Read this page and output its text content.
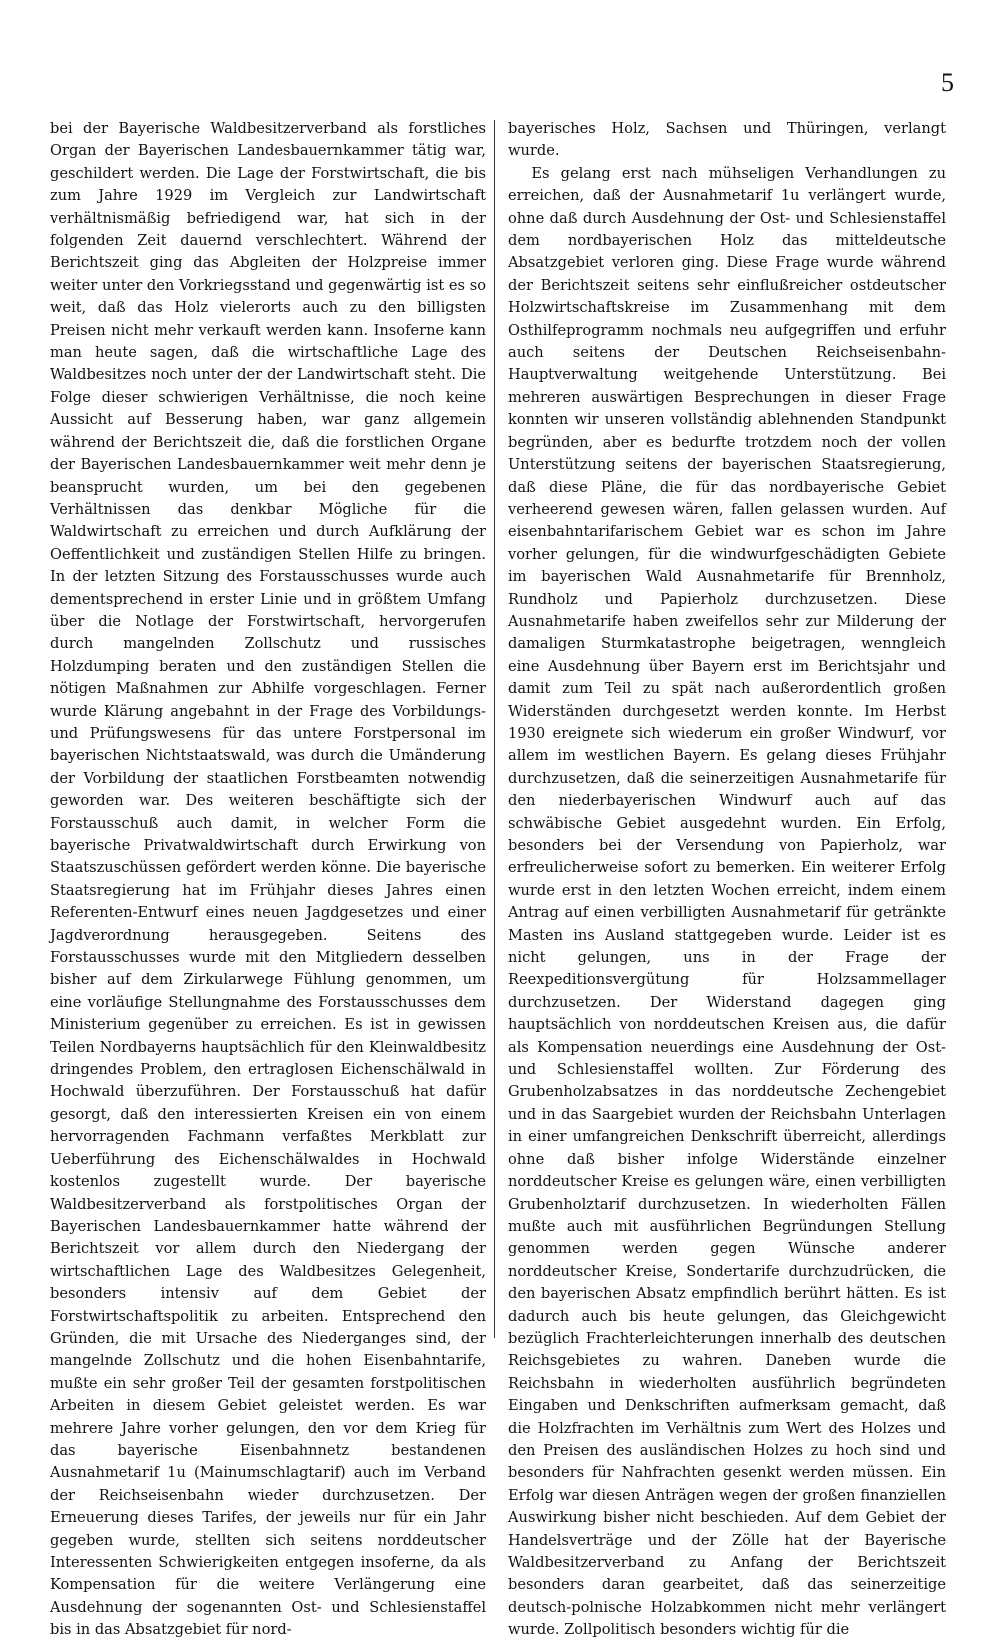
5

bei der Bayerische Waldbesitzerverband als forstliches Organ der Bayerischen Landesbauernkammer tätig war, geschildert werden. Die Lage der Forstwirtschaft, die bis zum Jahre 1929 im Vergleich zur Landwirtschaft verhältnismäßig befriedigend war, hat sich in der folgenden Zeit dauernd verschlechtert. Während der Berichtszeit ging das Abgleiten der Holzpreise immer weiter unter den Vorkriegsstand und gegenwärtig ist es so weit, daß das Holz vielerorts auch zu den billigsten Preisen nicht mehr verkauft werden kann. Insoferne kann man heute sagen, daß die wirtschaftliche Lage des Waldbesitzes noch unter der der Landwirtschaft steht. Die Folge dieser schwierigen Verhältnisse, die noch keine Aussicht auf Besserung haben, war ganz allgemein während der Berichtszeit die, daß die forstlichen Organe der Bayerischen Landesbauernkammer weit mehr denn je beansprucht wurden, um bei den gegebenen Verhältnissen das denkbar Mögliche für die Waldwirtschaft zu erreichen und durch Aufklärung der Oeffentlichkeit und zuständigen Stellen Hilfe zu bringen. In der letzten Sitzung des Forstausschusses wurde auch dementsprechend in erster Linie und in größtem Umfang über die Notlage der Forstwirtschaft, hervorgerufen durch mangelnden Zollschutz und russisches Holzdumping beraten und den zuständigen Stellen die nötigen Maßnahmen zur Abhilfe vorgeschlagen. Ferner wurde Klärung angebahnt in der Frage des Vorbildungs- und Prüfungswesens für das untere Forstpersonal im bayerischen Nichtstaatswald, was durch die Umänderung der Vorbildung der staatlichen Forstbeamten notwendig geworden war. Des weiteren beschäftigte sich der Forstausschuß auch damit, in welcher Form die bayerische Privatwaldwirtschaft durch Erwirkung von Staatszuschüssen gefördert werden könne. Die bayerische Staatsregierung hat im Frühjahr dieses Jahres einen Referenten-Entwurf eines neuen Jagdgesetzes und einer Jagdverordnung herausgegeben. Seitens des Forstausschusses wurde mit den Mitgliedern desselben bisher auf dem Zirkularwege Fühlung genommen, um eine vorläufige Stellungnahme des Forstausschusses dem Ministerium gegenüber zu erreichen. Es ist in gewissen Teilen Nordbayerns hauptsächlich für den Kleinwaldbesitz dringendes Problem, den ertraglosen Eichenschälwald in Hochwald überzuführen. Der Forstausschuß hat dafür gesorgt, daß den interessierten Kreisen ein von einem hervorragenden Fachmann verfaßtes Merkblatt zur Ueberführung des Eichenschälwaldes in Hochwald kostenlos zugestellt wurde. Der bayerische Waldbesitzerverband als forstpolitisches Organ der Bayerischen Landesbauernkammer hatte während der Berichtszeit vor allem durch den Niedergang der wirtschaftlichen Lage des Waldbesitzes Gelegenheit, besonders intensiv auf dem Gebiet der Forstwirtschaftspolitik zu arbeiten. Entsprechend den Gründen, die mit Ursache des Niederganges sind, der mangelnde Zollschutz und die hohen Eisenbahntarife, mußte ein sehr großer Teil der gesamten forstpolitischen Arbeiten in diesem Gebiet geleistet werden. Es war mehrere Jahre vorher gelungen, den vor dem Krieg für das bayerische Eisenbahnnetz bestandenen Ausnahmetarif 1u (Mainumschlagtarif) auch im Verband der Reichseisenbahn wieder durchzusetzen. Der Erneuerung dieses Tarifes, der jeweils nur für ein Jahr gegeben wurde, stellten sich seitens norddeutscher Interessenten Schwierigkeiten entgegen insoferne, da als Kompensation für die weitere Verlängerung eine Ausdehnung der sogenannten Ost- und Schlesienstaffel bis in das Absatzgebiet für nord-

bayerisches Holz, Sachsen und Thüringen, verlangt wurde.

Es gelang erst nach mühseligen Verhandlungen zu erreichen, daß der Ausnahmetarif 1u verlängert wurde, ohne daß durch Ausdehnung der Ost- und Schlesienstaffel dem nordbayerischen Holz das mitteldeutsche Absatzgebiet verloren ging. Diese Frage wurde während der Berichtszeit seitens sehr einflußreicher ostdeutscher Holzwirtschaftskreise im Zusammenhang mit dem Osthilfeprogramm nochmals neu aufgegriffen und erfuhr auch seitens der Deutschen Reichseisenbahn-Hauptverwaltung weitgehende Unterstützung. Bei mehreren auswärtigen Besprechungen in dieser Frage konnten wir unseren vollständig ablehnenden Standpunkt begründen, aber es bedurfte trotzdem noch der vollen Unterstützung seitens der bayerischen Staatsregierung, daß diese Pläne, die für das nordbayerische Gebiet verheerend gewesen wären, fallen gelassen wurden. Auf eisenbahntarifarischem Gebiet war es schon im Jahre vorher gelungen, für die windwurfgeschädigten Gebiete im bayerischen Wald Ausnahmetarife für Brennholz, Rundholz und Papierholz durchzusetzen. Diese Ausnahmetarife haben zweifellos sehr zur Milderung der damaligen Sturmkatastrophe beigetragen, wenngleich eine Ausdehnung über Bayern erst im Berichtsjahr und damit zum Teil zu spät nach außerordentlich großen Widerständen durchgesetzt werden konnte. Im Herbst 1930 ereignete sich wiederum ein großer Windwurf, vor allem im westlichen Bayern. Es gelang dieses Frühjahr durchzusetzen, daß die seinerzeitigen Ausnahmetarife für den niederbayerischen Windwurf auch auf das schwäbische Gebiet ausgedehnt wurden. Ein Erfolg, besonders bei der Versendung von Papierholz, war erfreulicherweise sofort zu bemerken. Ein weiterer Erfolg wurde erst in den letzten Wochen erreicht, indem einem Antrag auf einen verbilligten Ausnahmetarif für getränkte Masten ins Ausland stattgegeben wurde. Leider ist es nicht gelungen, uns in der Frage der Reexpeditionsvergütung für Holzsammellager durchzusetzen. Der Widerstand dagegen ging hauptsächlich von norddeutschen Kreisen aus, die dafür als Kompensation neuerdings eine Ausdehnung der Ost- und Schlesienstaffel wollten. Zur Förderung des Grubenholzabsatzes in das norddeutsche Zechengebiet und in das Saargebiet wurden der Reichsbahn Unterlagen in einer umfangreichen Denkschrift überreicht, allerdings ohne daß bisher infolge Widerstände einzelner norddeutscher Kreise es gelungen wäre, einen verbilligten Grubenholztarif durchzusetzen. In wiederholten Fällen mußte auch mit ausführlichen Begründungen Stellung genommen werden gegen Wünsche anderer norddeutscher Kreise, Sondertarife durchzudrücken, die den bayerischen Absatz empfindlich berührt hätten. Es ist dadurch auch bis heute gelungen, das Gleichgewicht bezüglich Frachterleichterungen innerhalb des deutschen Reichsgebietes zu wahren. Daneben wurde die Reichsbahn in wiederholten ausführlich begründeten Eingaben und Denkschriften aufmerksam gemacht, daß die Holzfrachten im Verhältnis zum Wert des Holzes und den Preisen des ausländischen Holzes zu hoch sind und besonders für Nahfrachten gesenkt werden müssen. Ein Erfolg war diesen Anträgen wegen der großen finanziellen Auswirkung bisher nicht beschieden. Auf dem Gebiet der Handelsverträge und der Zölle hat der Bayerische Waldbesitzerverband zu Anfang der Berichtszeit besonders daran gearbeitet, daß das seinerzeitige deutsch-polnische Holzabkommen nicht mehr verlängert wurde. Zollpolitisch besonders wichtig für die
